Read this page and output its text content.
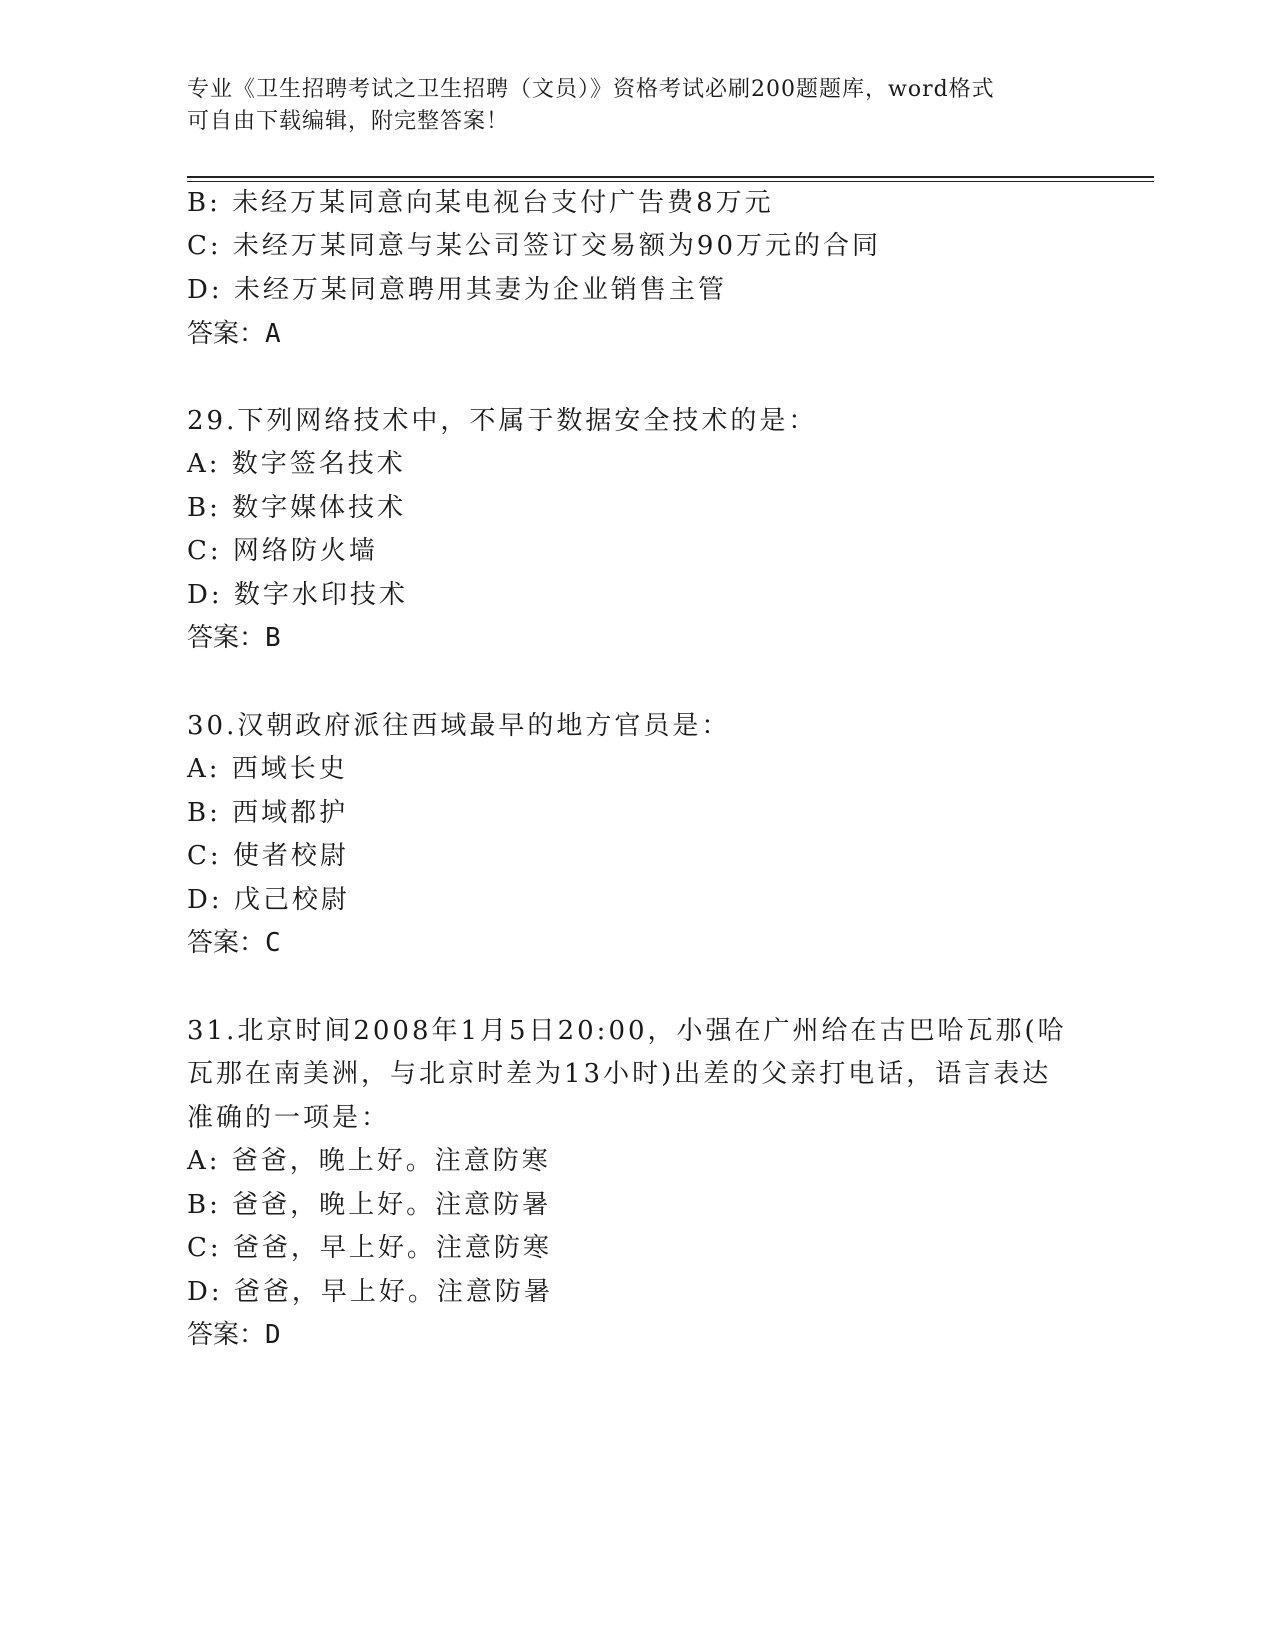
专业《卫生招聘考试之卫生招聘（文员）》资格考试必刷200题题库，word格式
可自由下载编辑，附完整答案！
B: 未经万某同意向某电视台支付广告费8万元
C: 未经万某同意与某公司签订交易额为90万元的合同
D: 未经万某同意聘用其妻为企业销售主管
答案：A
29.下列网络技术中，不属于数据安全技术的是：
A: 数字签名技术
B: 数字媒体技术
C: 网络防火墙
D: 数字水印技术
答案：B
30.汉朝政府派往西域最早的地方官员是：
A: 西域长史
B: 西域都护
C: 使者校尉
D: 戊己校尉
答案：C
31.北京时间2008年1月5日20:00，小强在广州给在古巴哈瓦那(哈
瓦那在南美洲，与北京时差为13小时)出差的父亲打电话，语言表达
准确的一项是：
A: 爸爸，晚上好。注意防寒
B: 爸爸，晚上好。注意防暑
C: 爸爸，早上好。注意防寒
D: 爸爸，早上好。注意防暑
答案：D
